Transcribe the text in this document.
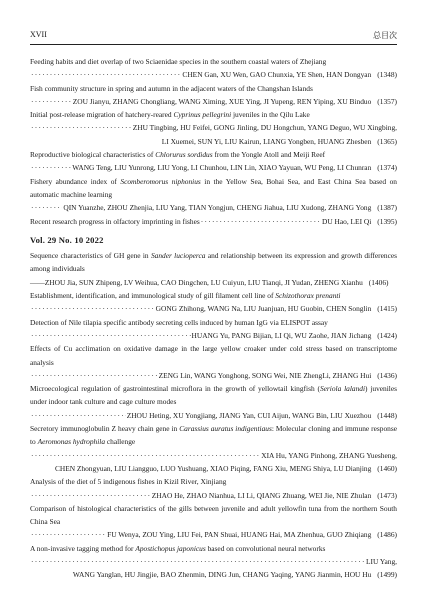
XVII	总目次
Feeding habits and diet overlap of two Sciaenidae species in the southern coastal waters of Zhejiang
·····
CHEN Gan, XU Wen, GAO Chunxia, YE Shen, HAN Dongyan (1348)
Fish community structure in spring and autumn in the adjacent waters of the Changshan Islands
·····
ZOU Jianyu, ZHANG Chongliang, WANG Ximing, XUE Ying, JI Yupeng, REN Yiping, XU Binduo (1357)
Initial post-release migration of hatchery-reared Cyprinus pellegrini juveniles in the Qilu Lake
·····
ZHU Tingbing, HU Feifei, GONG Jinling, DU Hongchun, YANG Deguo, WU Xingbing,
LI Xuemei, SUN Yi, LIU Kairun, LIANG Yongben, HUANG Zhesben (1365)
Reproductive biological characteristics of Chlorurus sordidus from the Yongle Atoll and Meiji Reef
·····
WANG Teng, LIU Yunrong, LIU Yong, LI Chunhou, LIN Lin, XIAO Yayuan, WU Peng, LI Chunran (1374)
Fishery abundance index of Scomberomorus niphonius in the Yellow Sea, Bohai Sea, and East China Sea based on automatic machine learning
·····
QIN Yuanzhe, ZHOU Zhenjia, LIU Yang, TIAN Yongjun, CHENG Jiahua, LIU Xudong, ZHANG Yong (1387)
Recent research progress in olfactory imprinting in fishes
·····	DU Hao, LEI Qi (1395)
Vol. 29 No. 10 2022
Sequence characteristics of GH gene in Sander lucioperca and relationship between its expression and growth differences among individuals
—— ZHOU Jia, SUN Zhipeng, LV Weihua, CAO Dingchen, LU Cuiyun, LIU Tianqi, JI Yudan, ZHENG Xianhu (1406)
Establishment, identification, and immunological study of gill filament cell line of Schizothorax prenanti
·····
GONG Zhihong, WANG Na, LIU Juanjuan, HU Guobin, CHEN Songlin (1415)
Detection of Nile tilapia specific antibody secreting cells induced by human IgG via ELISPOT assay
·····
HUANG Yu, PANG Bijian, LI Qi, WU Zaohe, JIAN Jichang (1424)
Effects of Cu acclimation on oxidative damage in the large yellow croaker under cold stress based on transcriptome analysis
·····
ZENG Lin, WANG Yonghong, SONG Wei, NIE ZhengLi, ZHANG Hui (1436)
Microecological regulation of gastrointestinal microflora in the growth of yellowtail kingfish (Seriola lalandi) juveniles under indoor tank culture and cage culture modes
·····
ZHOU Heting, XU Yongjiang, JIANG Yan, CUI Aijun, WANG Bin, LIU Xuezhou (1448)
Secretory immunoglobulin Z heavy chain gene in Carassius auratus indigentiaus: Molecular cloning and immune response to Aeromonas hydrophila challenge
·····
XIA Hu, YANG Pinhong, ZHANG Yuesheng,
CHEN Zhongyuan, LIU Liangguo, LUO Yushuang, XIAO Piqing, FANG Xiu, MENG Shiya, LU Dianjing (1460)
Analysis of the diet of 5 indigenous fishes in Kizil River, Xinjiang
·····
ZHAO He, ZHAO Nianhua, LI Li, QIANG Zhuang, WEI Jie, NIE Zhulan (1473)
Comparison of histological characteristics of the gills between juvenile and adult yellowfin tuna from the northern South China Sea
·····
FU Wenya, ZOU Ying, LIU Fei, PAN Shuai, HUANG Hai, MA Zhenhua, GUO Zhiqiang (1486)
A non-invasive tagging method for Apostichopus japonicus based on convolutional neural networks
·····
LIU Yang,
WANG Yanglan, HU Jingjie, BAO Zhenmin, DING Jun, CHANG Yaqing, YANG Jianmin, HOU Hu (1499)
